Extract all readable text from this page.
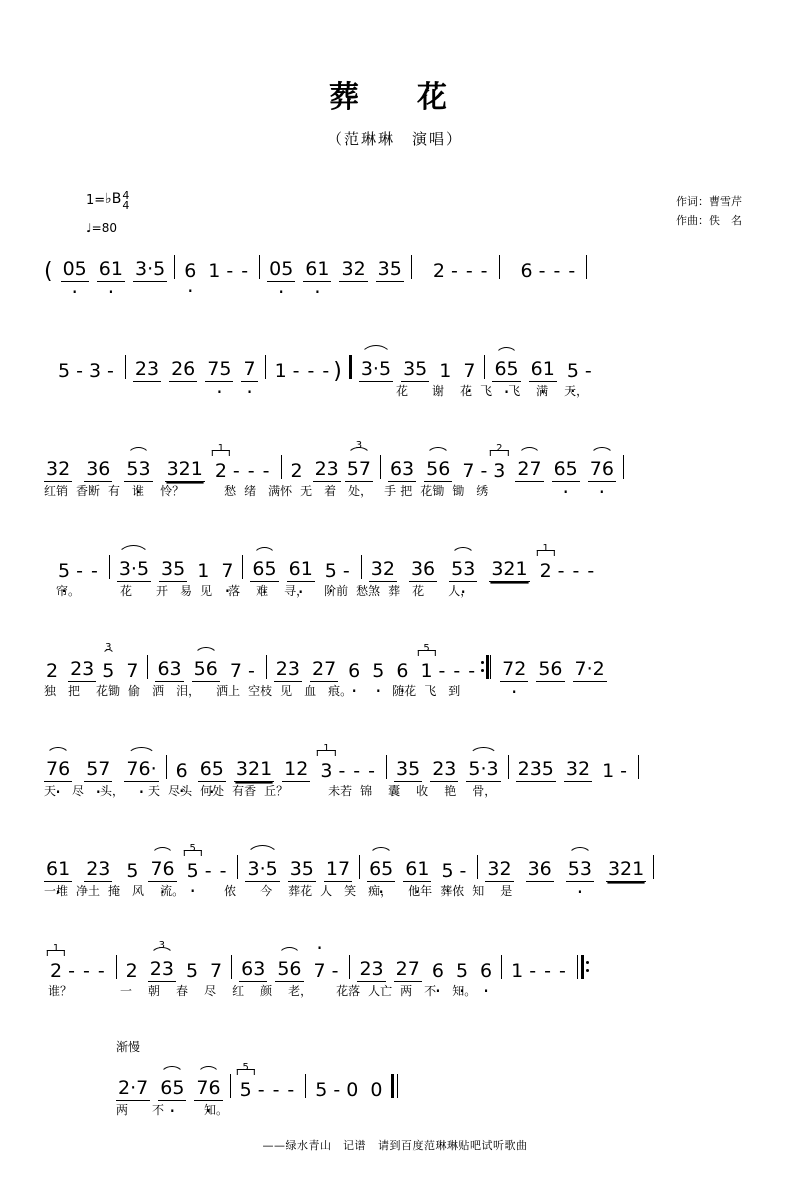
葬　花
（范琳琳　演唱）
作词：曹雪芹
作曲：佚　名
1= ♭B 4
4
♩=80
( 05 · 61 · 3·5 6 · 1 - - 05 · 61 · 32 35 2 - - - 6 - - -
5 - 3 - 23 26 75 · 7 · 1 - - - ) 3·5 35 1 7 · 65 · 61 · 5 · -
花 谢 花 飞 飞 满 天，
32 36 53 · 321
1
2 - - - 2 23
3
57 63 56 7 -
2
3 27 65 · 76 ·
红销 香断 有 谁 怜？	愁 绪 满怀 无 着 处， 手 把 花锄 锄 绣
5 · - - 3·5 35 1 7 · 65 · 61 · 5 · - 32 36 53 · 321
1
2 - - -
帘。	花 开 易 见 落 难 寻， 阶前 愁煞 葬 花 人，
2 23
3
5 7 63 56 7 - 23 27 6 · 5 · 6 ·
5
1 - - - 72 · 56 7·2
独 把 花锄 偷 洒 泪， 洒上 空枝 见 血 痕。	随花 飞 到
76 · 57 · 76· · 6 · 65 · 321 12
1
3 - - - 35 23 5·3 235 32 1 -
天 尽 头， 天 尽头 何处 有香 丘？	未若 锦 囊 收 艳 骨，
61 · 23 5 76 ·
5
5 · - - 3·5 35 17 65 · 61 · 5 · - 32 36 53 · 321
一堆 净土 掩 风 流。	侬 今 葬花 人 笑 痴， 他年 葬侬 知 是
1
2 - - - 2
3
23 5 7 63 56 · 7 - 23 27 6 · 5 · 6 · 1 - - -
谁？	一 朝 春 尽 红 颜 老， 花落 人亡 两 不 知。
渐慢
2·7 65 · 76 ·
5
5 - - - 5 - 0 0
两 不	知。
——绿水青山　记谱 请到百度范琳琳贴吧试听歌曲
